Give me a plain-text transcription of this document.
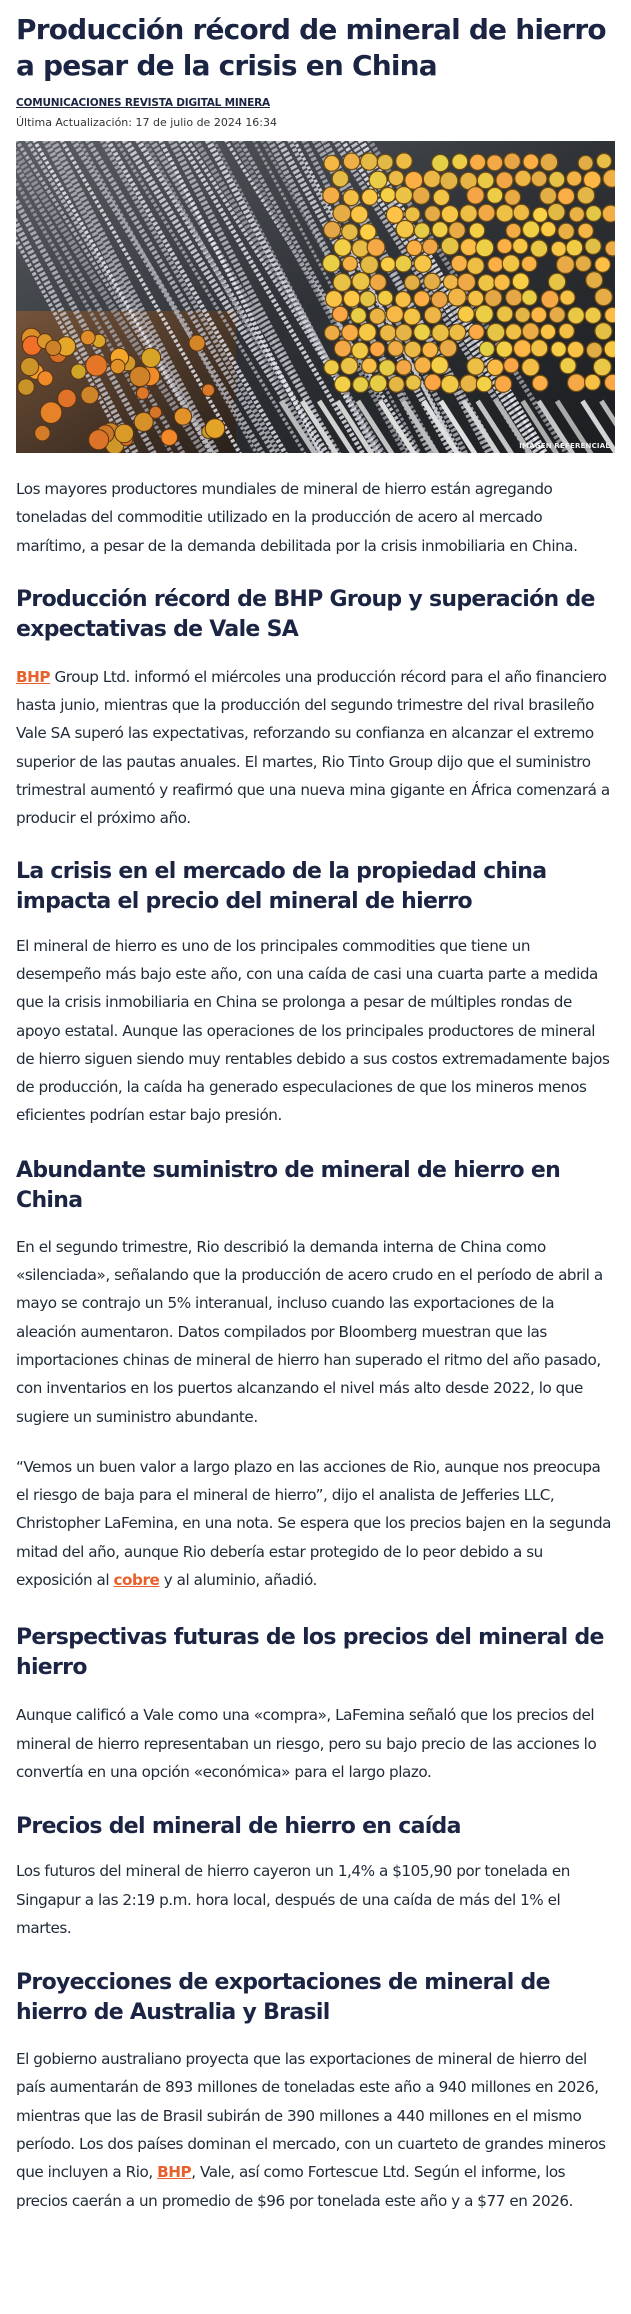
Producción récord de mineral de hierro a pesar de la crisis en China
COMUNICACIONES REVISTA DIGITAL MINERA
Última Actualización: 17 de julio de 2024 16:34
IMAGEN REFERENCIAL

Los mayores productores mundiales de mineral de hierro están agregando toneladas del commoditie utilizado en la producción de acero al mercado marítimo, a pesar de la demanda debilitada por la crisis inmobiliaria en China.

Producción récord de BHP Group y superación de expectativas de Vale SA

BHP Group Ltd. informó el miércoles una producción récord para el año financiero hasta junio, mientras que la producción del segundo trimestre del rival brasileño Vale SA superó las expectativas, reforzando su confianza en alcanzar el extremo superior de las pautas anuales. El martes, Rio Tinto Group dijo que el suministro trimestral aumentó y reafirmó que una nueva mina gigante en África comenzará a producir el próximo año.

La crisis en el mercado de la propiedad china impacta el precio del mineral de hierro

El mineral de hierro es uno de los principales commodities que tiene un desempeño más bajo este año, con una caída de casi una cuarta parte a medida que la crisis inmobiliaria en China se prolonga a pesar de múltiples rondas de apoyo estatal. Aunque las operaciones de los principales productores de mineral de hierro siguen siendo muy rentables debido a sus costos extremadamente bajos de producción, la caída ha generado especulaciones de que los mineros menos eficientes podrían estar bajo presión.

Abundante suministro de mineral de hierro en China

En el segundo trimestre, Rio describió la demanda interna de China como «silenciada», señalando que la producción de acero crudo en el período de abril a mayo se contrajo un 5% interanual, incluso cuando las exportaciones de la aleación aumentaron. Datos compilados por Bloomberg muestran que las importaciones chinas de mineral de hierro han superado el ritmo del año pasado, con inventarios en los puertos alcanzando el nivel más alto desde 2022, lo que sugiere un suministro abundante.

“Vemos un buen valor a largo plazo en las acciones de Rio, aunque nos preocupa el riesgo de baja para el mineral de hierro”, dijo el analista de Jefferies LLC, Christopher LaFemina, en una nota. Se espera que los precios bajen en la segunda mitad del año, aunque Rio debería estar protegido de lo peor debido a su exposición al cobre y al aluminio, añadió.

Perspectivas futuras de los precios del mineral de hierro

Aunque calificó a Vale como una «compra», LaFemina señaló que los precios del mineral de hierro representaban un riesgo, pero su bajo precio de las acciones lo convertía en una opción «económica» para el largo plazo.

Precios del mineral de hierro en caída

Los futuros del mineral de hierro cayeron un 1,4% a $105,90 por tonelada en Singapur a las 2:19 p.m. hora local, después de una caída de más del 1% el martes.

Proyecciones de exportaciones de mineral de hierro de Australia y Brasil

El gobierno australiano proyecta que las exportaciones de mineral de hierro del país aumentarán de 893 millones de toneladas este año a 940 millones en 2026, mientras que las de Brasil subirán de 390 millones a 440 millones en el mismo período. Los dos países dominan el mercado, con un cuarteto de grandes mineros que incluyen a Rio, BHP, Vale, así como Fortescue Ltd. Según el informe, los precios caerán a un promedio de $96 por tonelada este año y a $77 en 2026.
